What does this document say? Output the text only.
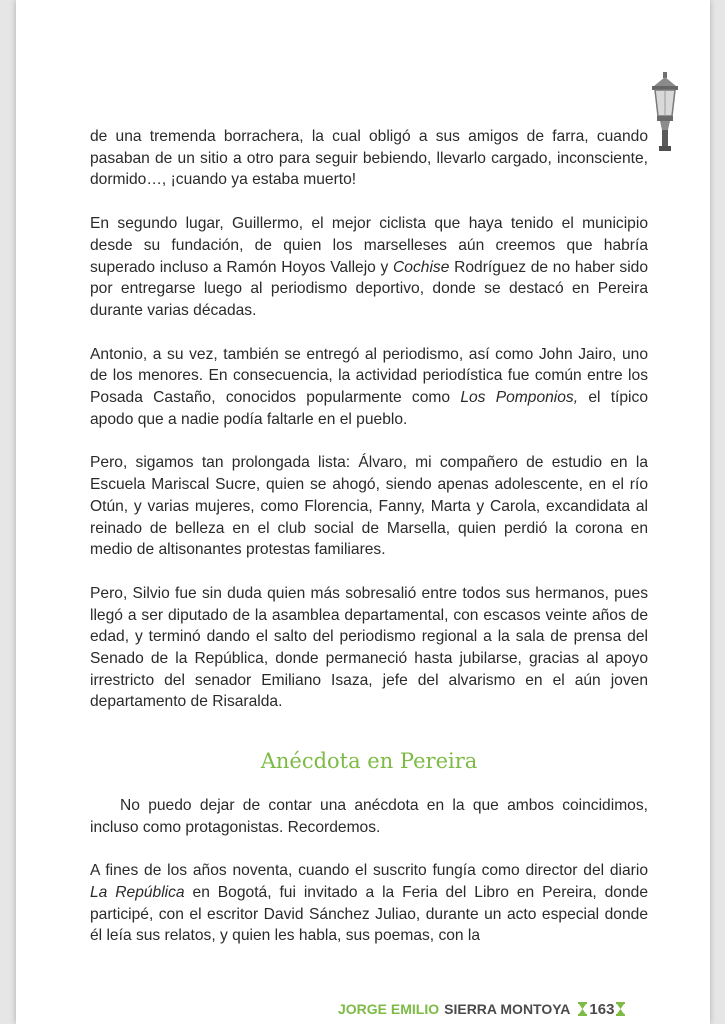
de una tremenda borrachera, la cual obligó a sus amigos de farra, cuando pasaban de un sitio a otro para seguir bebiendo, llevarlo cargado, inconsciente, dormido…, ¡cuando ya estaba muerto!

En segundo lugar, Guillermo, el mejor ciclista que haya tenido el municipio desde su fundación, de quien los marselleses aún creemos que habría superado incluso a Ramón Hoyos Vallejo y Cochise Rodríguez de no haber sido por entregarse luego al periodismo deportivo, donde se destacó en Pereira durante varias décadas.

Antonio, a su vez, también se entregó al periodismo, así como John Jairo, uno de los menores. En consecuencia, la actividad periodística fue común entre los Posada Castaño, conocidos popularmente como Los Pomponios, el típico apodo que a nadie podía faltarle en el pueblo.

Pero, sigamos tan prolongada lista: Álvaro, mi compañero de estudio en la Escuela Mariscal Sucre, quien se ahogó, siendo apenas adolescente, en el río Otún, y varias mujeres, como Florencia, Fanny, Marta y Carola, excandidata al reinado de belleza en el club social de Marsella, quien perdió la corona en medio de altisonantes protestas familiares.

Pero, Silvio fue sin duda quien más sobresalió entre todos sus hermanos, pues llegó a ser diputado de la asamblea departamental, con escasos veinte años de edad, y terminó dando el salto del periodismo regional a la sala de prensa del Senado de la República, donde permaneció hasta jubilarse, gracias al apoyo irrestricto del senador Emiliano Isaza, jefe del alvarismo en el aún joven departamento de Risaralda.

Anécdota en Pereira

No puedo dejar de contar una anécdota en la que ambos coincidimos, incluso como protagonistas. Recordemos.

A fines de los años noventa, cuando el suscrito fungía como director del diario La República en Bogotá, fui invitado a la Feria del Libro en Pereira, donde participé, con el escritor David Sánchez Juliao, durante un acto especial donde él leía sus relatos, y quien les habla, sus poemas, con la

JORGE EMILIO SIERRA MONTOYA 163
